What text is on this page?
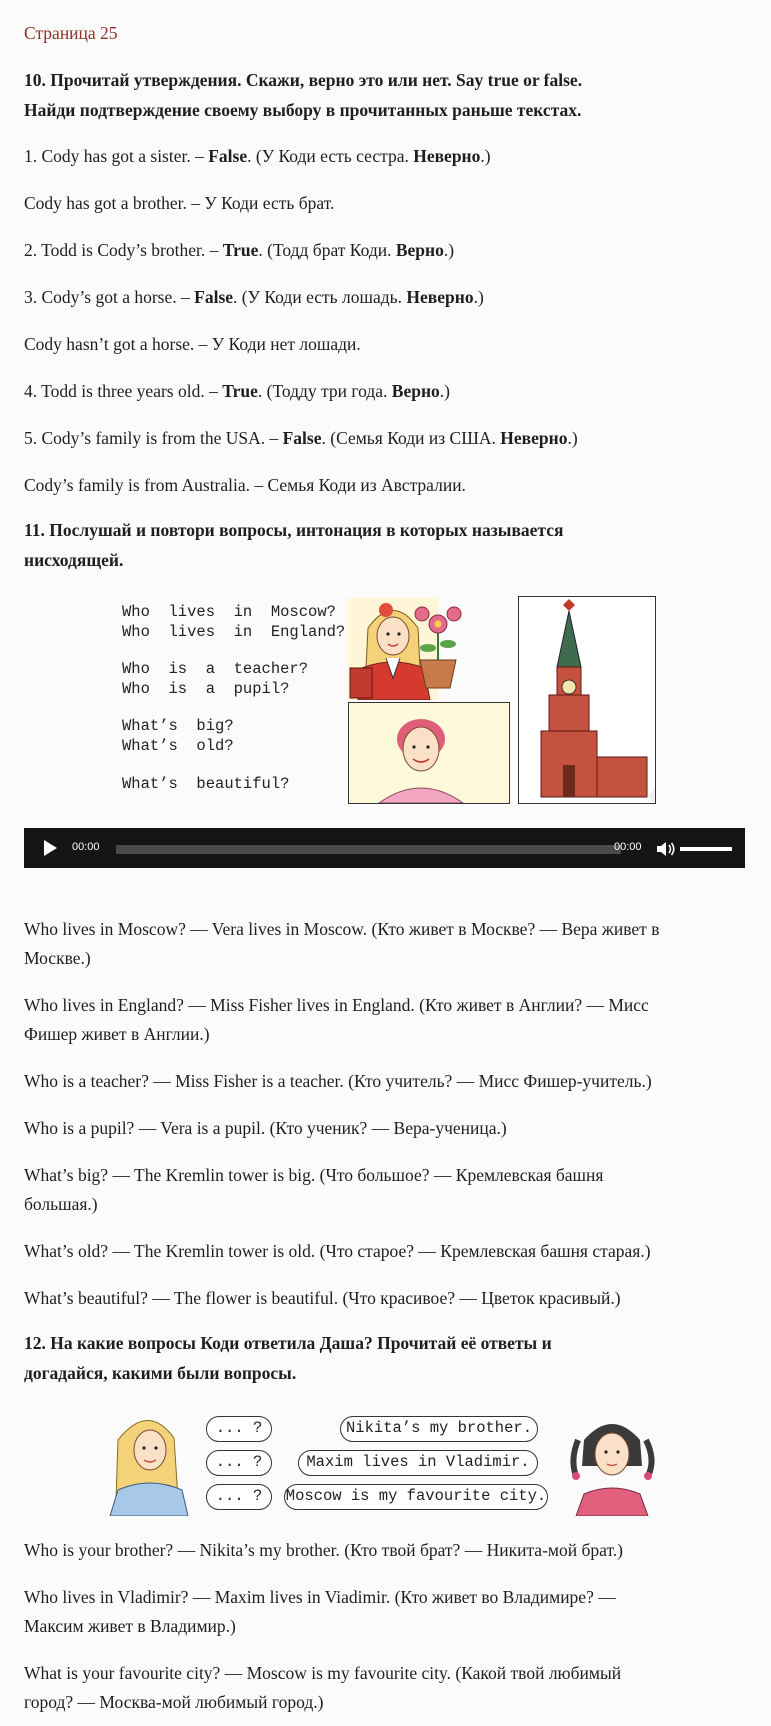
Страница 25

10. Прочитай утверждения. Скажи, верно это или нет. Say true or false.

Найди подтверждение своему выбору в прочитанных раньше текстах.

1. Cody has got a sister. – False. (У Коди есть сестра. Неверно.)

Cody has got a brother. – У Коди есть брат.

2. Todd is Cody’s brother. – True. (Тодд брат Коди. Верно.)

3. Cody’s got a horse. – False. (У Коди есть лошадь. Неверно.)

Cody hasn’t got a horse. – У Коди нет лошади.

4. Todd is three years old. – True. (Тодду три года. Верно.)

5. Cody’s family is from the USA. – False. (Семья Коди из США. Неверно.)

Cody’s family is from Australia. – Семья Коди из Австралии.

11. Послушай и повтори вопросы, интонация в которых называется

нисходящей.

Who  lives  in  Moscow?
Who  lives  in  England?
Who  is  a  teacher?
Who  is  a  pupil?
What’s  big?
What’s  old?
What’s  beautiful?
00:00	00:00

Who lives in Moscow? — Vera lives in Moscow. (Кто живет в Москве? — Вера живет в

Москве.)

Who lives in England? — Miss Fisher lives in England. (Кто живет в Англии? — Мисс

Фишер живет в Англии.)

Who is a teacher? — Miss Fisher is a teacher. (Кто учитель? — Мисс Фишер-учитель.)

Who is a pupil? — Vera is a pupil. (Кто ученик? — Вера-ученица.)

What’s big? — The Kremlin tower is big. (Что большое? — Кремлевская башня

большая.)

What’s old? — The Kremlin tower is old. (Что старое? — Кремлевская башня старая.)

What’s beautiful? — The flower is beautiful. (Что красивое? — Цветок красивый.)

12. На какие вопросы Коди ответила Даша? Прочитай её ответы и

догадайся, какими были вопросы.

... ?
... ?
... ?
Nikita’s my brother.
Maxim lives in Vladimir.
Moscow is my favourite city.

Who is your brother? — Nikita’s my brother. (Кто твой брат? — Никита-мой брат.)

Who lives in Vladimir? — Maxim lives in Viadimir. (Кто живет во Владимире? —

Максим живет в Владимир.)

What is your favourite city? — Moscow is my favourite city. (Какой твой любимый

город? — Москва-мой любимый город.)
